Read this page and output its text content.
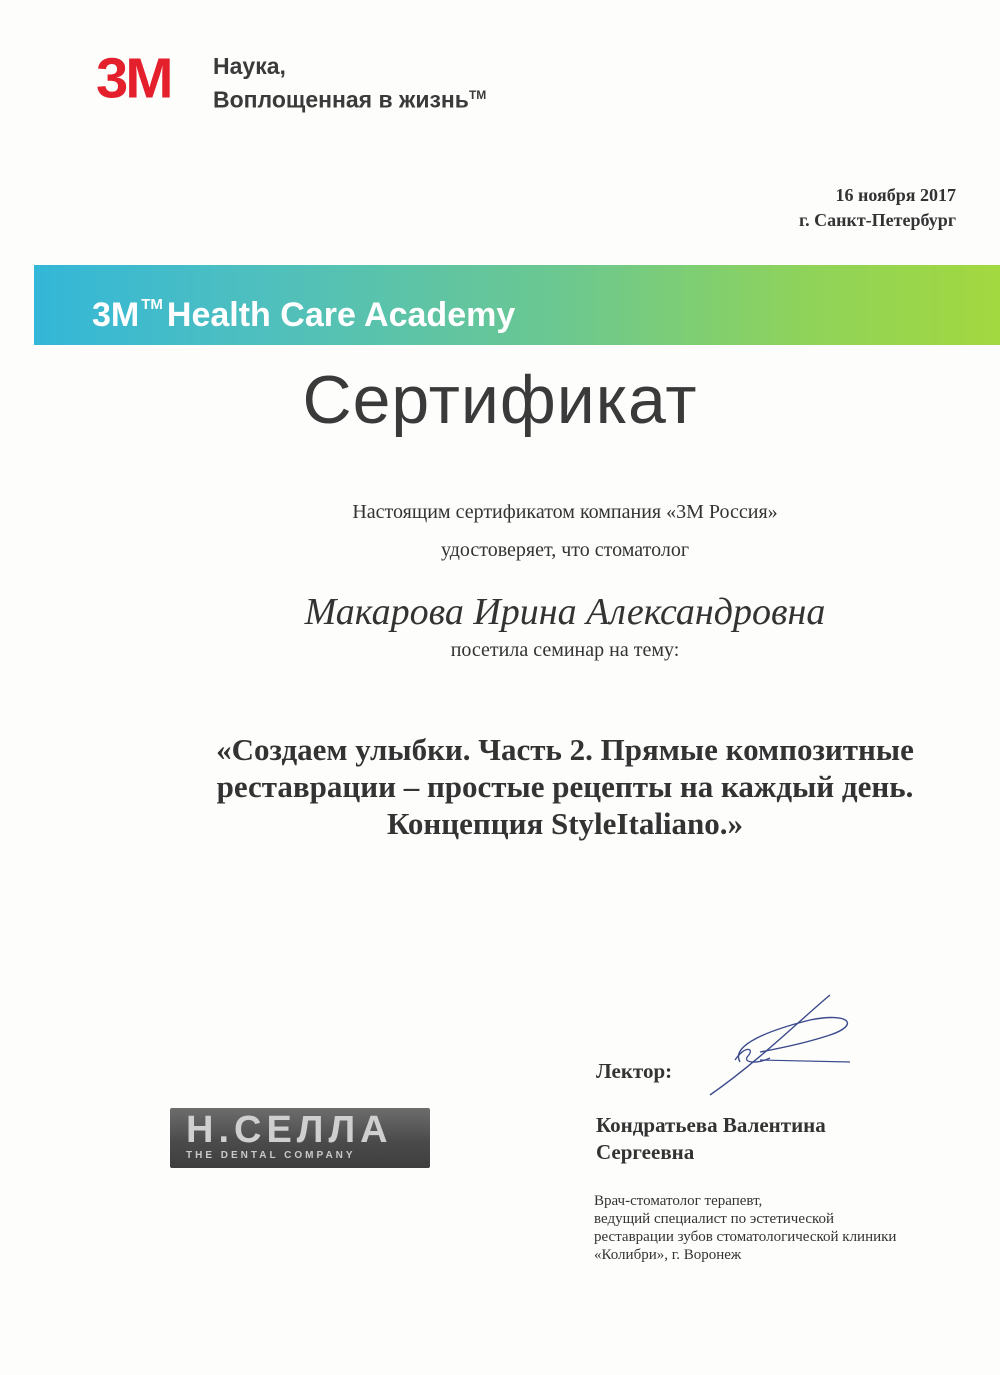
3M Наука,
Воплощенная в жизнь™
16 ноября 2017
г. Санкт-Петербург
3M ™ Health Care Academy
Сертификат
Настоящим сертификатом компания «3М Россия»
удостоверяет, что стоматолог
Макарова Ирина Александровна
посетила семинар на тему:
«Создаем улыбки. Часть 2. Прямые композитные
реставрации – простые рецепты на каждый день.
Концепция StyleItaliano.»
H.СЕЛЛА
THE DENTAL COMPANY
Лектор:
Кондратьева Валентина
Сергеевна
Врач-стоматолог терапевт,
ведущий специалист по эстетической
реставрации зубов стоматологической клиники
«Колибри», г. Воронеж
